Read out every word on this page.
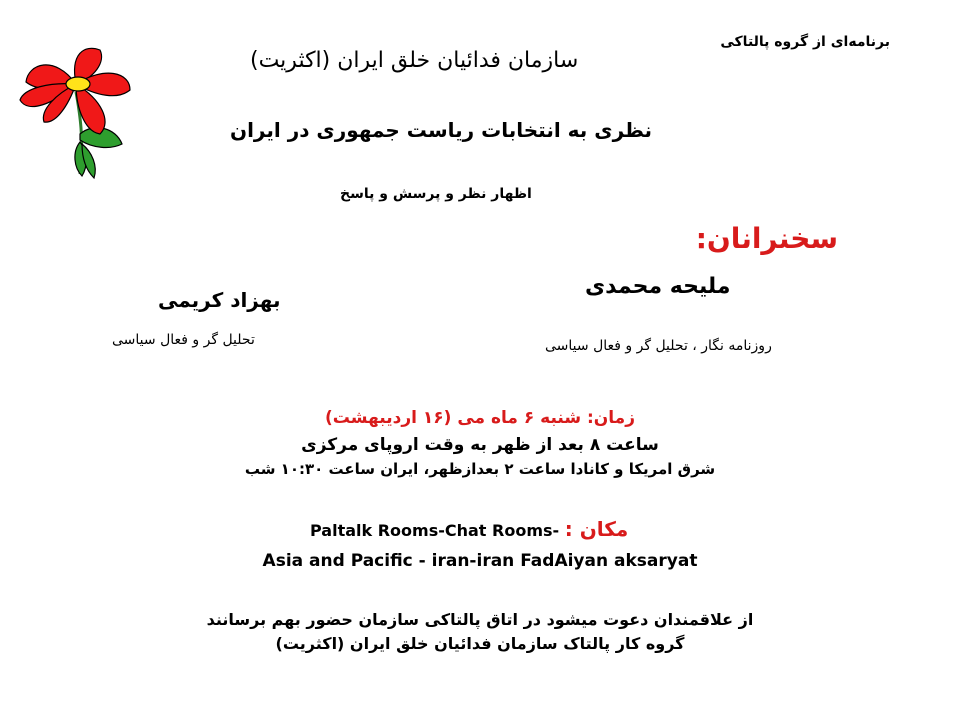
برنامه‌ای از گروه پالتاکی
سازمان فدائیان خلق ایران (اکثریت)
نظری به انتخابات ریاست جمهوری در ایران
اظهار نظر و پرسش و پاسخ
سخنرانان:
ملیحه محمدی
روزنامه نگار ، تحلیل گر و فعال سیاسی
بهزاد کریمی
تحلیل گر و فعال سیاسی
زمان: شنبه ۶ ماه می (۱۶ اردیبهشت)
ساعت ۸ بعد از ظهر به وقت اروپای مرکزی
شرق امریکا و کانادا ساعت ۲ بعدازظهر، ایران ساعت ۱۰:۳۰ شب
Paltalk Rooms-Chat Rooms- مکان :
Asia and Pacific - iran-iran FadAiyan aksaryat
از علاقمندان دعوت میشود در اتاق پالتاکی سازمان حضور بهم برسانند
گروه کار پالتاک سازمان فدائیان خلق ایران (اکثریت)
